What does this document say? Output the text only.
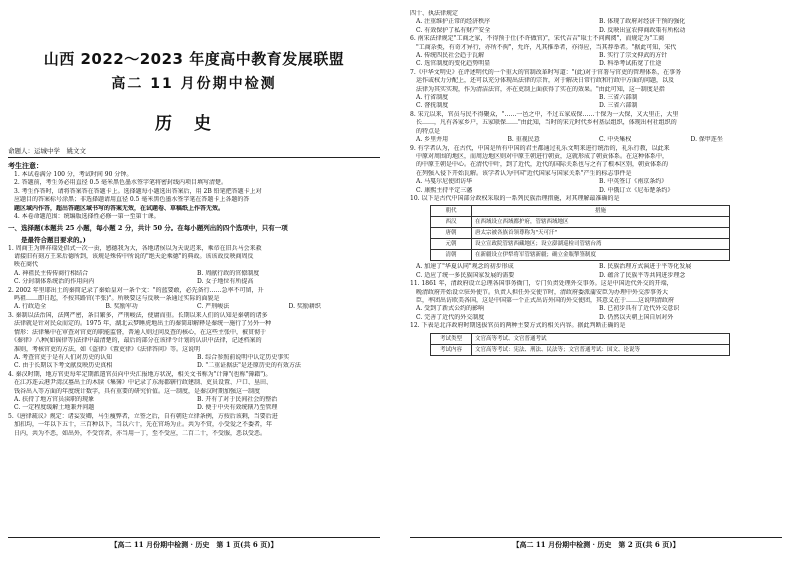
山西 2022～2023 年度高中教育发展联盟
高二 11 月份期中检测
历史
命题人：运城中学　姚文文
考生注意：
1. 本试卷满分 100 分，考试时间 90 分钟。
2. 答题前，考生务必用直径 0.5 毫米黑色墨水签字笔将密封线内项目填写清楚。
3. 考生作答时，请将答案答在答题卡上。选择题每小题选出答案后，用 2B 铅笔把答题卡上对
应题目的答案标号涂黑；非选择题请用直径 0.5 毫米黑色墨水签字笔在答题卡上各题的答
题区域内作答，超出答题区域书写的答案无效，在试题卷、草稿纸上作答无效。
4. 本卷命题范围：统编版选择性必修一第一至第十课。
一、选择题(本题共 25 小题，每小题 2 分，共计 50 分。在每小题列出的四个选项中，只有一项
　　是最符合题目要求的。)
1. 周商王为牌祥瑞处倡式一次一贡，感德我为大，各地诸侯以为天说迟来，乘帝在旧兵马会来救
　请接旧有刻方王来后德所到，该规是殊传中所说的"绝天论乘德"的典故。该该故反映商周反
　映在商代
A. 神祖民主传传商行相结合	B. 周献行政的官僚制度
C. 分封制体系统治的作用向内	D. 女子地位有所提高
2. 2002 年里耶出土的秦简记录了秦始皇对一条个文："的蓝要敢，必先备行……急率不可留，升
　鸣祖……即日起，不按其路官(半张)"。所映要这与反映一条通过实际的面貌是
A. 行政适全	B. 奖励军功	C. 严刑峻法	D. 奖励耕织
3. 秦制以法治国，法网严密，条目繁多，严刑峻法，使庸而重。长期以来人们的认知是秦朝的诸多
　法律就是针对民众而定的。1975 年，湖北云梦睡虎地出土的秦简却解释是秦统一施行了另外一种
　情形：法律集中在审查对官吏的职能监督，普通人则过问反查的核心，在这些主张中，被贯彻于
　《秦律》八种(如徭律等)法律中最清楚的，最后的部分在该律令计划的认识中法律，记述档案的
　准则，考核官吏的方法，如《盗律》《置吏律》《法律答问》等。这说明
A. 考查官吏于是有人们对历史的认知	B. 综合参照前说明中认定历史事实
C. 由于长期以下考文献反映历史真相	D. "二重证据法"是还原历史的有效方法
4. 秦汉时期，地方官吏每年定期派遣官员向中央汇报地方状况，相关文书称为"计簿"(也称"簿籍")。
　在江苏连云港尹湾汉墓出土的木牍《集簿》中记录了东海郡辖行政建制、吏员设置、户口、垦田、
　钱谷出入等方面的年度统计数字，具有重要的研究价值。这一制度，是秦汉时期加强这一制度
A. 扶持了地方官员渎职的现象	B. 开有了对于民间社会的整治
C. 一定程度缓解土地兼并问题	D. 便于中央有效统辖乃至管理
5.《唐律疏议》规定：诸妄发卿，马生瘦弊者，立签之后，自有朝廷立律条例，方按后该剩，当要后进
　加扣均，一年以下五十，三百种以下，当以六十，先在官场为止。共为不赏，小受爱之不委者，年
　日内，共为不恶，如出外，不受罚者，亦当用一丁，至不受应，二百二十，不受服，恶以受恶。
【高二 11 月份期中检测 · 历史　第 1 页(共 6 页)】
四十、执法律规定
A. 注重维护正常的经济秩序	B. 体现了政府对经济干预的强化
C. 有效保护了私有财产安全	D. 反映出宣农抑商政策有所松动
6. 南宋法律规定"工商之家，不得预于仕(不许做官)"，宋代吉吉"取士不问阀阅"，而规定为"工商
　"工商杂类，有奇才异行，亦所不拘"，允许，凡其推举者，亦得应，当其荐举者。"据此可知，宋代
A. 传统四民社会趋于瓦解	B. 实行了宗文抑武的方针
C. 选官制度的变化趋势明显	D. 科举考试拓宽了仕途
7.《中华文明史》在评述明代的一个重大的官制改革时写道："(此)对于官署与官吏的管理体系，在事务
　运作或权力分配上，还可以充分体现出法律的宗旨，对于解决日常行政和行政中方面的问题，以及
　法律为其实实现，作为清洁法官，亦在吏制上面获得了实在的效果。"由此可知，这一制度是指
A. 行省制度	B. 三省六部制
C. 督抚制度	D. 三省六部制
8. 宋元以来，官员与民不得聚众，"……一邑之中，不过五家成保……十保为一大保，又大里正，大里
　长……，凡有各家乡户，五家联保……"由此知，当时的宋元时代乡村基层组织，体现出村社组织的
　的特点是
A. 乡里并用	B. 重视民意	C. 中央集权	D. 保甲连坐
9. 有学者认为，在古代，中国是所有中国的君主都通过礼乐文明来进行统治的，礼乐行教，以此来
　中原对周围的地区，而周边地区则对中原王朝进行朝贡，这就形成了朝贡体系。在这种体系中，
　的中原王朝是中心。在清代中叶，到了近代，近代的国际关系也与之有了根本区别，朝贡体系的
　在列强入侵下开始瓦解。该学者认为中国"近代国家与国家关系"产生的标志事件是
A. 马戛尔尼使团访华	B. 中英签订《南京条约》
C. 康熙主持平定三藩	D. 中俄订立《尼布楚条约》
10. 以下是古代中国部分政权采取的一系列民族治理措施，对其理解最准确的是
朝代	措施
西汉	在西域设立西域都护府，管辖西域地区
唐朝	唐太宗被各族首领尊称为"天可汗"
元朝	设立宣政院管辖西藏地区；设立澎湖巡检司管辖台湾
清朝	在新疆设立伊犁将军管辖新疆；确立金瓶掣签制度
A. 加速了"华夏认同"观念的初步形成	B. 民族治理方式演进于平等化发展
C. 适应了统一多民族国家发展的需要	D. 蕴含了民族平等共同进步理念
11. 1861 年，清政府设立总理各国事务衙门，专门负责处理外交事务。这是中国近代外交的开端，
　晚清政府开始设立驻外使节。负责人担任外交使节时，清政府委派蒲安臣为办理中外交涉事务大
　臣，率团出访欧美各国，这是中国第一个正式出访外国的外交使团，其意义在于……这说明清政府
A. 受到了新式公约的影响	B. 已初步具有了近代外交意识
C. 完善了近代的外交制度	D. 仍然以天朝上国自居对外
12. 下表是北洋政府时期选拔官员的两种主要方式的相关内容。据此判断正确的是
考试类型	文官高等考试、文官普通考试
考试内容	文官高等考试：宪法、刑法、民法等；文官普通考试：国文、论说等
【高二 11 月份期中检测 · 历史　第 2 页(共 6 页)】
